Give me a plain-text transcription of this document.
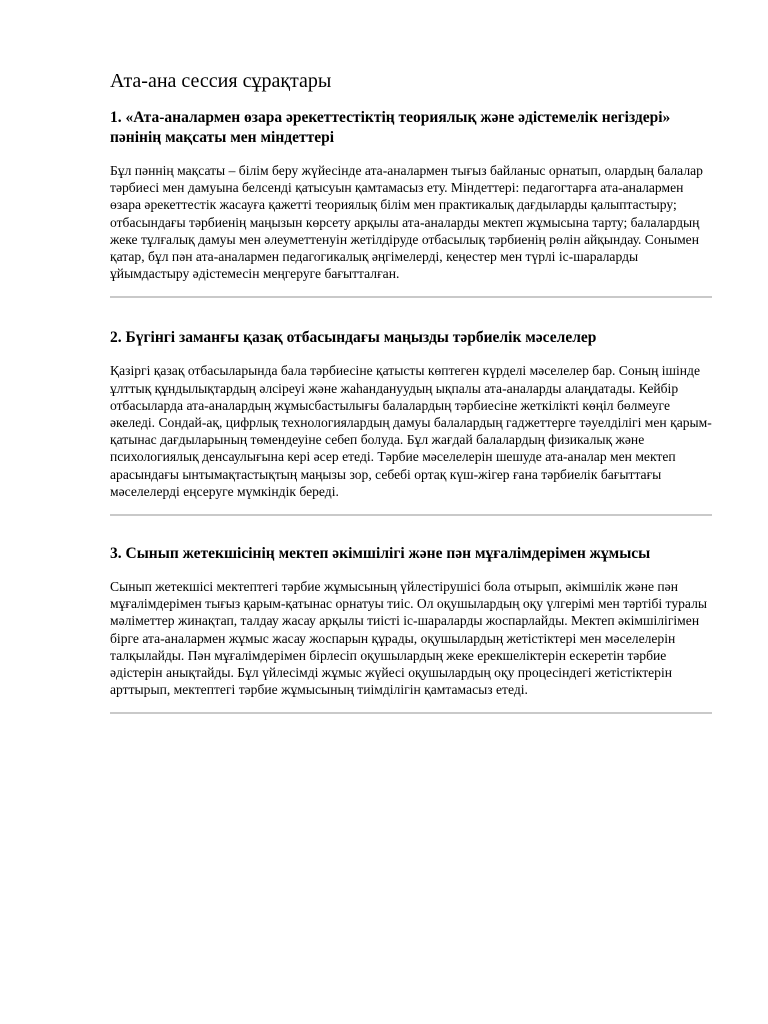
Ата-ана сессия сұрақтары
1. «Ата-аналармен өзара әрекеттестіктің теориялық және әдістемелік негіздері» пәнінің мақсаты мен міндеттері

Бұл пәннің мақсаты – білім беру жүйесінде ата-аналармен тығыз байланыс орнатып, олардың балалар тәрбиесі мен дамуына белсенді қатысуын қамтамасыз ету. Міндеттері: педагогтарға ата-аналармен өзара әрекеттестік жасауға қажетті теориялық білім мен практикалық дағдыларды қалыптастыру; отбасындағы тәрбиенің маңызын көрсету арқылы ата-аналарды мектеп жұмысына тарту; балалардың жеке тұлғалық дамуы мен әлеуметтенуін жетілдіруде отбасылық тәрбиенің рөлін айқындау. Сонымен қатар, бұл пән ата-аналармен педагогикалық әңгімелерді, кеңестер мен түрлі іс-шараларды ұйымдастыру әдістемесін меңгеруге бағытталған.

2. Бүгінгі заманғы қазақ отбасындағы маңызды тәрбиелік мәселелер

Қазіргі қазақ отбасыларында бала тәрбиесіне қатысты көптеген күрделі мәселелер бар. Соның ішінде ұлттық құндылықтардың әлсіреуі және жаһандануудың ықпалы ата-аналарды алаңдатады. Кейбір отбасыларда ата-аналардың жұмысбастылығы балалардың тәрбиесіне жеткілікті көңіл бөлмеуге әкеледі. Сондай-ақ, цифрлық технологиялардың дамуы балалардың гаджеттерге тәуелділігі мен қарым-қатынас дағдыларының төмендеуіне себеп болуда. Бұл жағдай балалардың физикалық және психологиялық денсаулығына кері әсер етеді. Тәрбие мәселелерін шешуде ата-аналар мен мектеп арасындағы ынтымақтастықтың маңызы зор, себебі ортақ күш-жігер ғана тәрбиелік бағыттағы мәселелерді еңсеруге мүмкіндік береді.

3. Сынып жетекшісінің мектеп әкімшілігі және пән мұғалімдерімен жұмысы

Сынып жетекшісі мектептегі тәрбие жұмысының үйлестірушісі бола отырып, әкімшілік және пән мұғалімдерімен тығыз қарым-қатынас орнатуы тиіс. Ол оқушылардың оқу үлгерімі мен тәртібі туралы мәліметтер жинақтап, талдау жасау арқылы тиісті іс-шараларды жоспарлайды. Мектеп әкімшілігімен бірге ата-аналармен жұмыс жасау жоспарын құрады, оқушылардың жетістіктері мен мәселелерін талқылайды. Пән мұғалімдерімен бірлесіп оқушылардың жеке ерекшеліктерін ескеретін тәрбие әдістерін анықтайды. Бұл үйлесімді жұмыс жүйесі оқушылардың оқу процесіндегі жетістіктерін арттырып, мектептегі тәрбие жұмысының тиімділігін қамтамасыз етеді.
